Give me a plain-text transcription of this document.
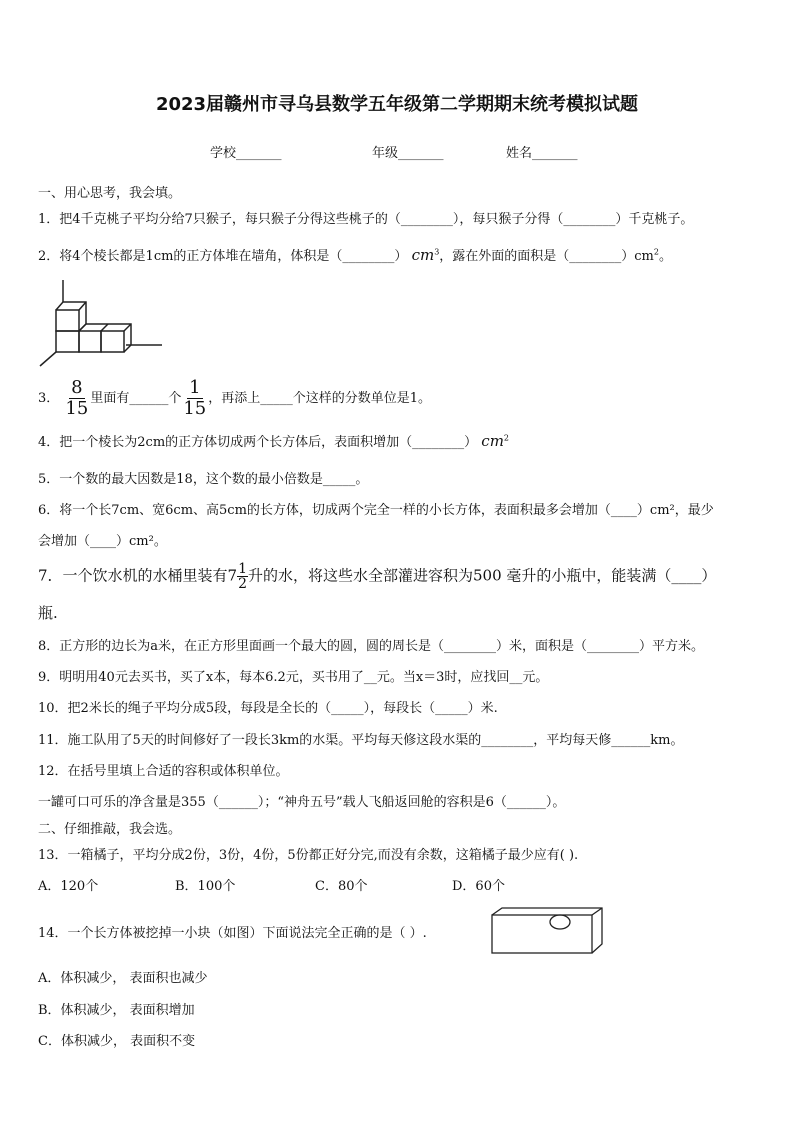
2023届赣州市寻乌县数学五年级第二学期期末统考模拟试题
学校_______	年级_______	姓名_______
一、用心思考，我会填。
1．把4千克桃子平均分给7只猴子，每只猴子分得这些桃子的（________），每只猴子分得（________）千克桃子。
2．将4个棱长都是1cm的正方体堆在墙角，体积是（________） $cm^3$，露在外面的面积是$(\_\_\_\_\_\_\_\_)cm^2$。
3． $\frac{8}{15}$ 里面有______个 $\frac{1}{15}$ ，再添上_____个这样的分数单位是1。
4．把一个棱长为2cm的正方体切成两个长方体后，表面积增加（________） $cm^2$
5．一个数的最大因数是18，这个数的最小倍数是_____。
6．将一个长7cm、宽6cm、高5cm的长方体，切成两个完全一样的小长方体，表面积最多会增加（____）cm²，最少
会增加（____）cm²。
7．一个饮水机的水桶里装有$7 \frac{1}{2}$ 升的水，将这些水全部灌进容积为500 毫升的小瓶中，能装满（____）
瓶.
8．正方形的边长为a米，在正方形里面画一个最大的圆，圆的周长是（________）米，面积是（________）平方米。
9．明明用40元去买书，买了x本，每本6.2元，买书用了__元。当x＝3时，应找回__元。
10．把2米长的绳子平均分成5段，每段是全长的（_____），每段长（_____）米.
11．施工队用了5天的时间修好了一段长3km的水渠。平均每天修这段水渠的________，平均每天修______km。
12．在括号里填上合适的容积或体积单位。
一罐可口可乐的净含量是355（______）；“神舟五号”载人飞船返回舱的容积是6（______）。
二、仔细推敲，我会选。
13．一箱橘子，平均分成2份，3份，4份，5份都正好分完,而没有余数，这箱橘子最少应有( ).
A．120个	B．100个	C．80个	D．60个
14．一个长方体被挖掉一小块（如图）下面说法完全正确的是（ ）.
A．体积减少， 表面积也减少
B．体积减少， 表面积增加
C．体积减少， 表面积不变
